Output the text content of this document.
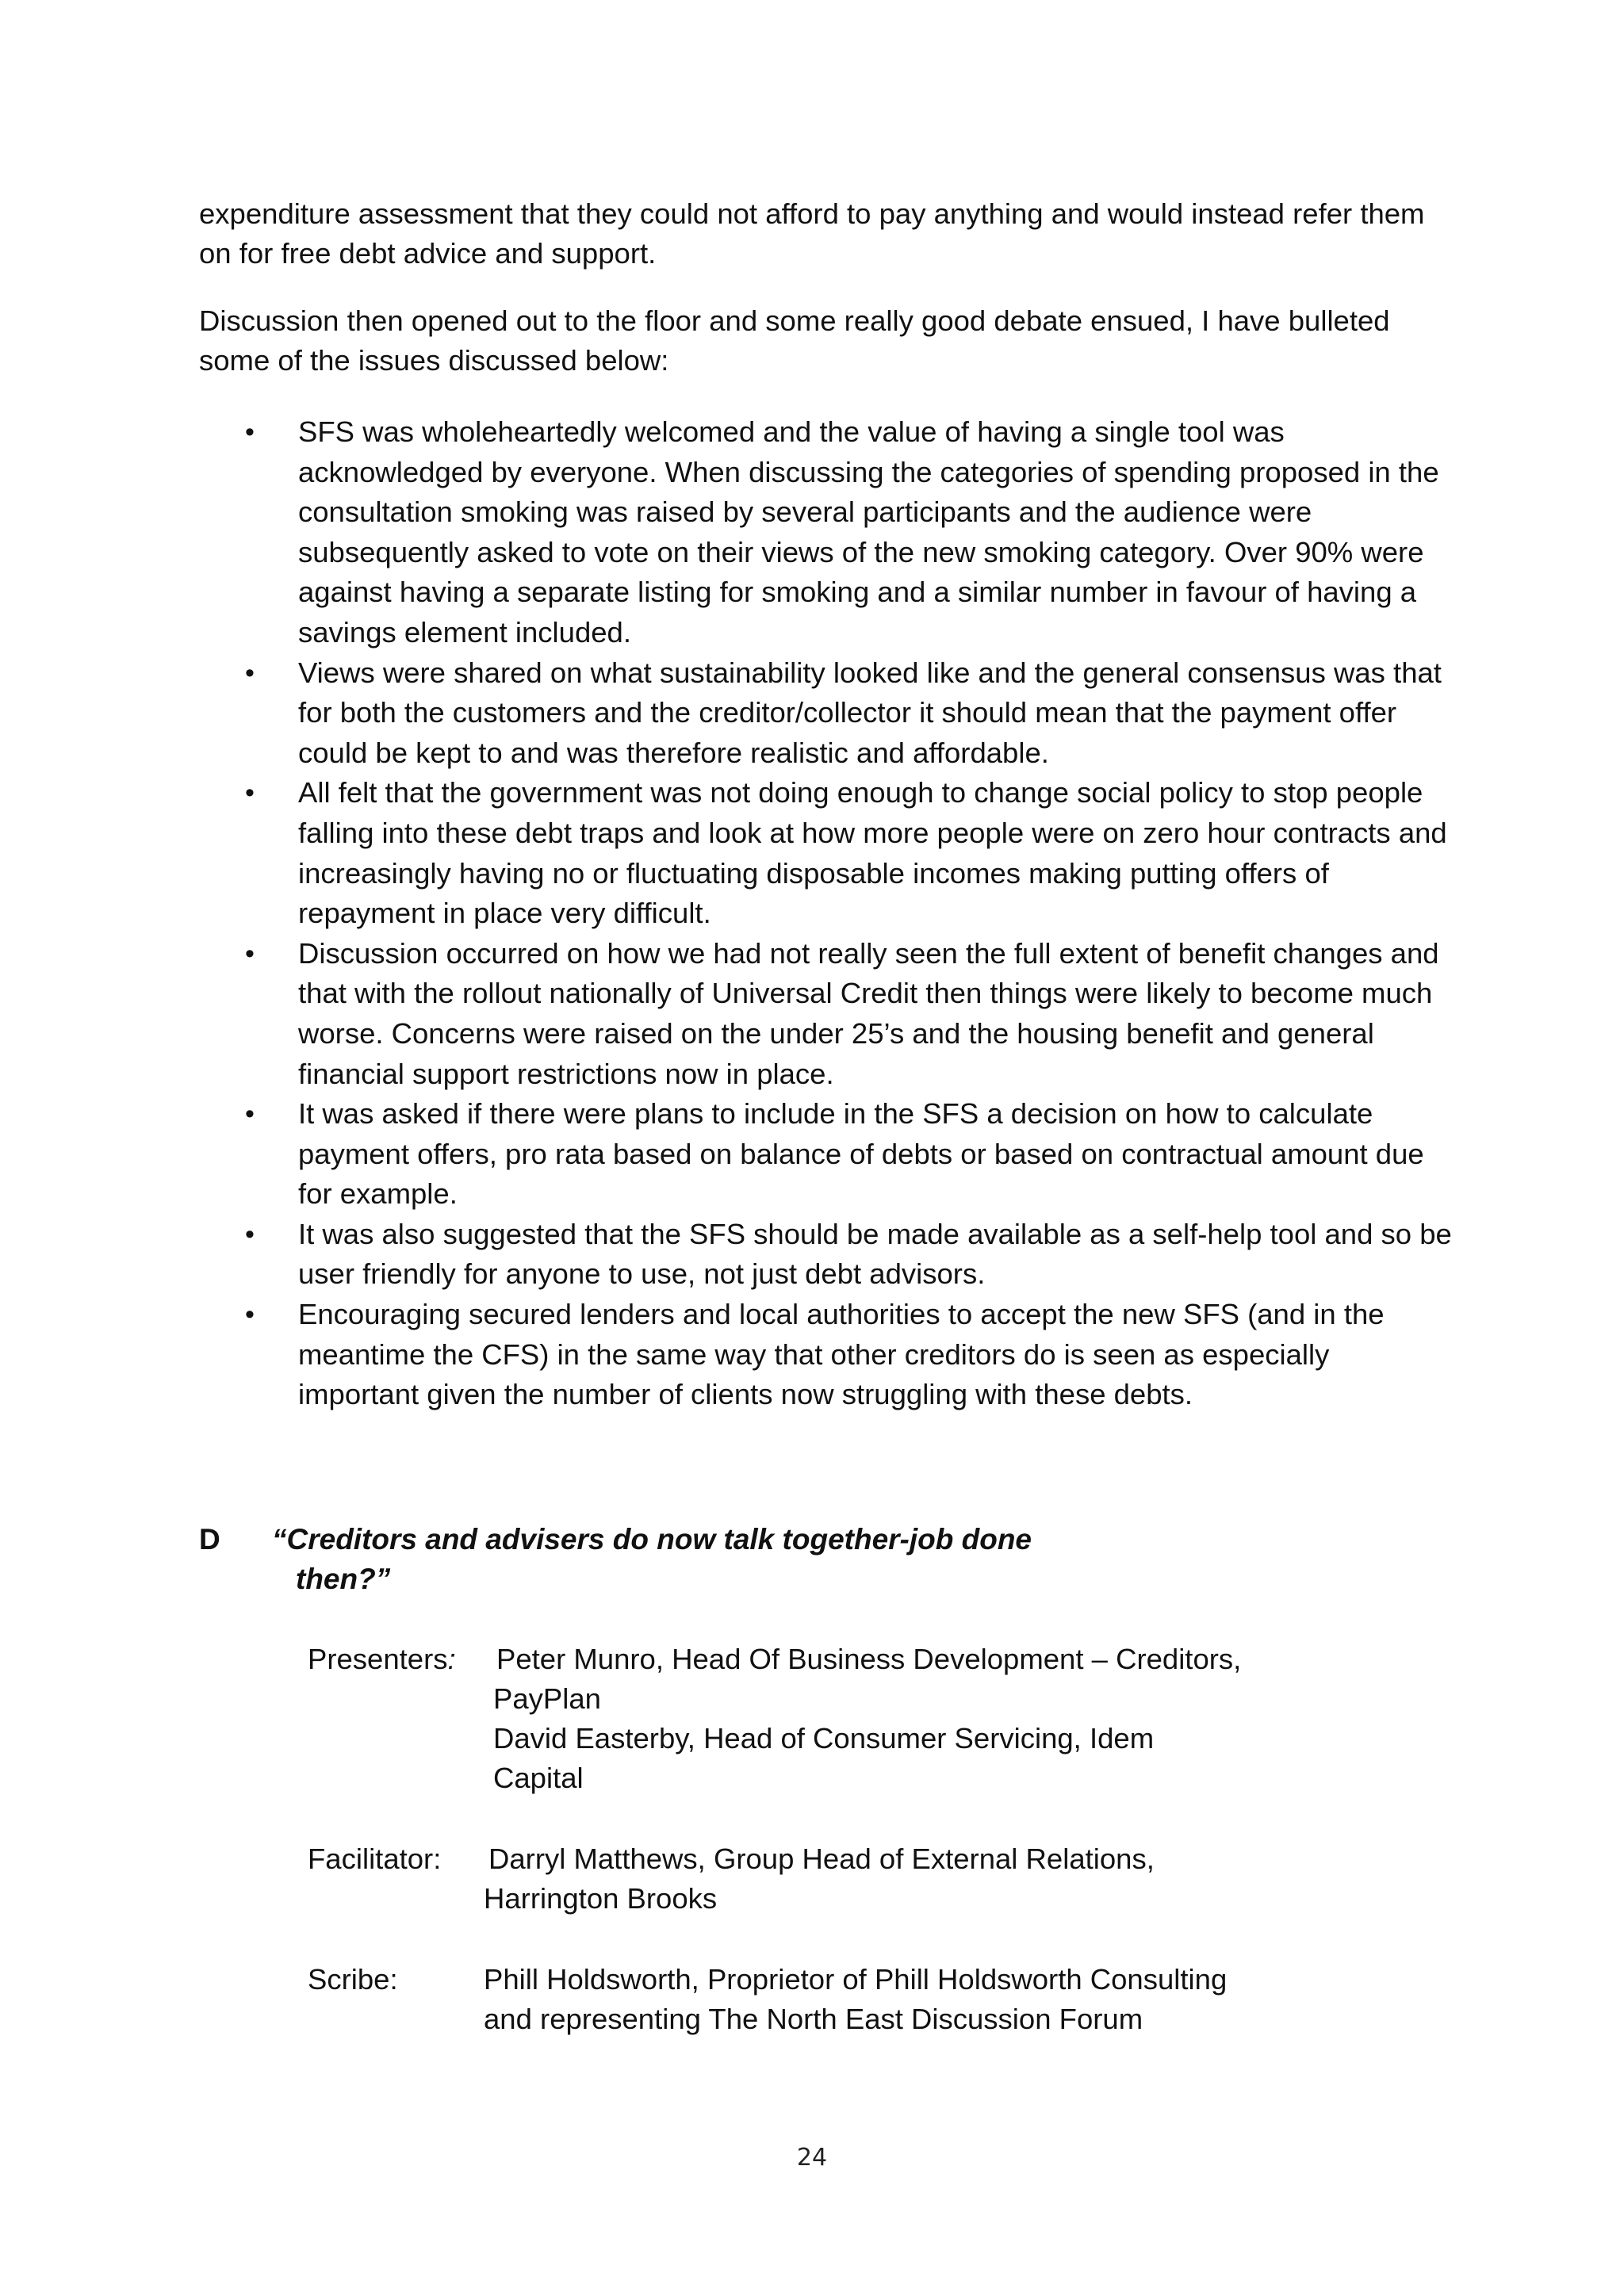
expenditure assessment that they could not afford to pay anything and would instead refer them on for free debt advice and support.

Discussion then opened out to the floor and some really good debate ensued, I have bulleted some of the issues discussed below:

• SFS was wholeheartedly welcomed and the value of having a single tool was acknowledged by everyone. When discussing the categories of spending proposed in the consultation smoking was raised by several participants and the audience were subsequently asked to vote on their views of the new smoking category. Over 90% were against having a separate listing for smoking and a similar number in favour of having a savings element included.
• Views were shared on what sustainability looked like and the general consensus was that for both the customers and the creditor/collector it should mean that the payment offer could be kept to and was therefore realistic and affordable.
• All felt that the government was not doing enough to change social policy to stop people falling into these debt traps and look at how more people were on zero hour contracts and increasingly having no or fluctuating disposable incomes making putting offers of repayment in place very difficult.
• Discussion occurred on how we had not really seen the full extent of benefit changes and that with the rollout nationally of Universal Credit then things were likely to become much worse. Concerns were raised on the under 25’s and the housing benefit and general financial support restrictions now in place.
• It was asked if there were plans to include in the SFS a decision on how to calculate payment offers, pro rata based on balance of debts or based on contractual amount due for example.
• It was also suggested that the SFS should be made available as a self-help tool and so be user friendly for anyone to use, not just debt advisors.
• Encouraging secured lenders and local authorities to accept the new SFS (and in the meantime the CFS) in the same way that other creditors do is seen as especially important given the number of clients now struggling with these debts.
D “Creditors and advisers do now talk together-job done
then?”
Presenters: Peter Munro, Head Of Business Development – Creditors,
PayPlan
David Easterby, Head of Consumer Servicing, Idem
Capital
Facilitator: Darryl Matthews, Group Head of External Relations,
Harrington Brooks
Scribe:	Phill Holdsworth, Proprietor of Phill Holdsworth Consulting
and representing The North East Discussion Forum
24
